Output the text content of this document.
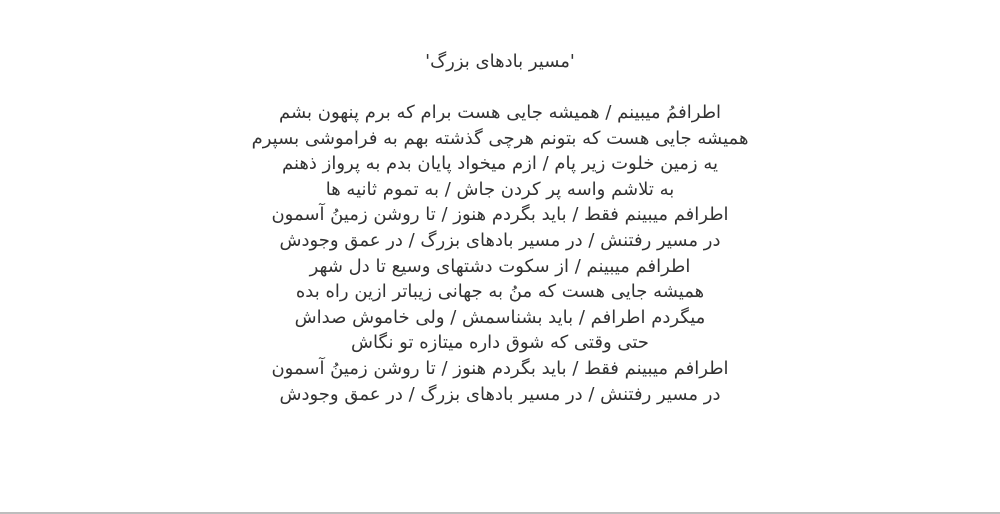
'مسیر بادهای بزرگ'
اطرافمُ میبینم / همیشه جایی هست برام که برم پنهون بشم
همیشه جایی هست که بتونم هرچی گذشته بهم به فراموشی بسپرم
یه زمین خلوت زیر پام / ازم میخواد پایان بدم به پرواز ذهنم
به تلاشم واسه پر کردن جاش / به تموم ثانیه ها
اطرافم میبینم فقط / باید بگردم هنوز / تا روشن زمینُ آسمون
در مسیر رفتنش / در مسیر بادهای بزرگ / در عمق وجودش
اطرافم میبینم / از سکوت دشتهای وسیع تا دل شهر
همیشه جایی هست که منُ به جهانی زیباتر ازین راه بده
میگردم اطرافم / باید بشناسمش / ولی خاموش صداش
حتی وقتی که شوق داره میتازه تو نگاش
اطرافم میبینم فقط / باید بگردم هنوز / تا روشن زمینُ آسمون
در مسیر رفتنش / در مسیر بادهای بزرگ / در عمق وجودش
